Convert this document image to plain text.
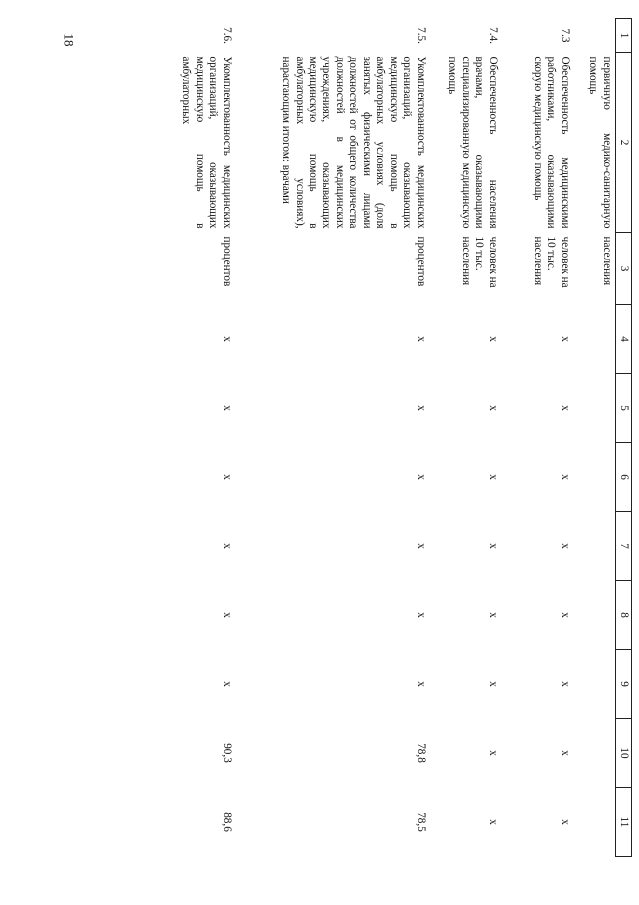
18	1	2	3	4	5	6	7	8	9	10	11
	первичную медико-санитарную помощь	населения								
7.3	Обеспеченность медицинскими работниками, оказывающими скорую медицинскую помощь	человек на 10 тыс. населения	x	x	x	x	x	x	x	x
7.4.	Обеспеченность населения врачами, оказывающими специализированную медицинскую помощь	человек на 10 тыс. населения	x	x	x	x	x	x	x	x
7.5.	Укомплектованность медицинских организаций, оказывающих медицинскую помощь в амбулаторных условиях (доля занятых физическими лицами должностей от общего количества должностей в медицинских учреждениях, оказывающих медицинскую помощь в амбулаторных условиях), нарастающим итогом: врачами	процентов	x	x	x	x	x	x	78,8	78,5
7.6.	Укомплектованность медицинских организаций, оказывающих медицинскую помощь в амбулаторных	процентов	x	x	x	x	x	x	90,3	88,6
